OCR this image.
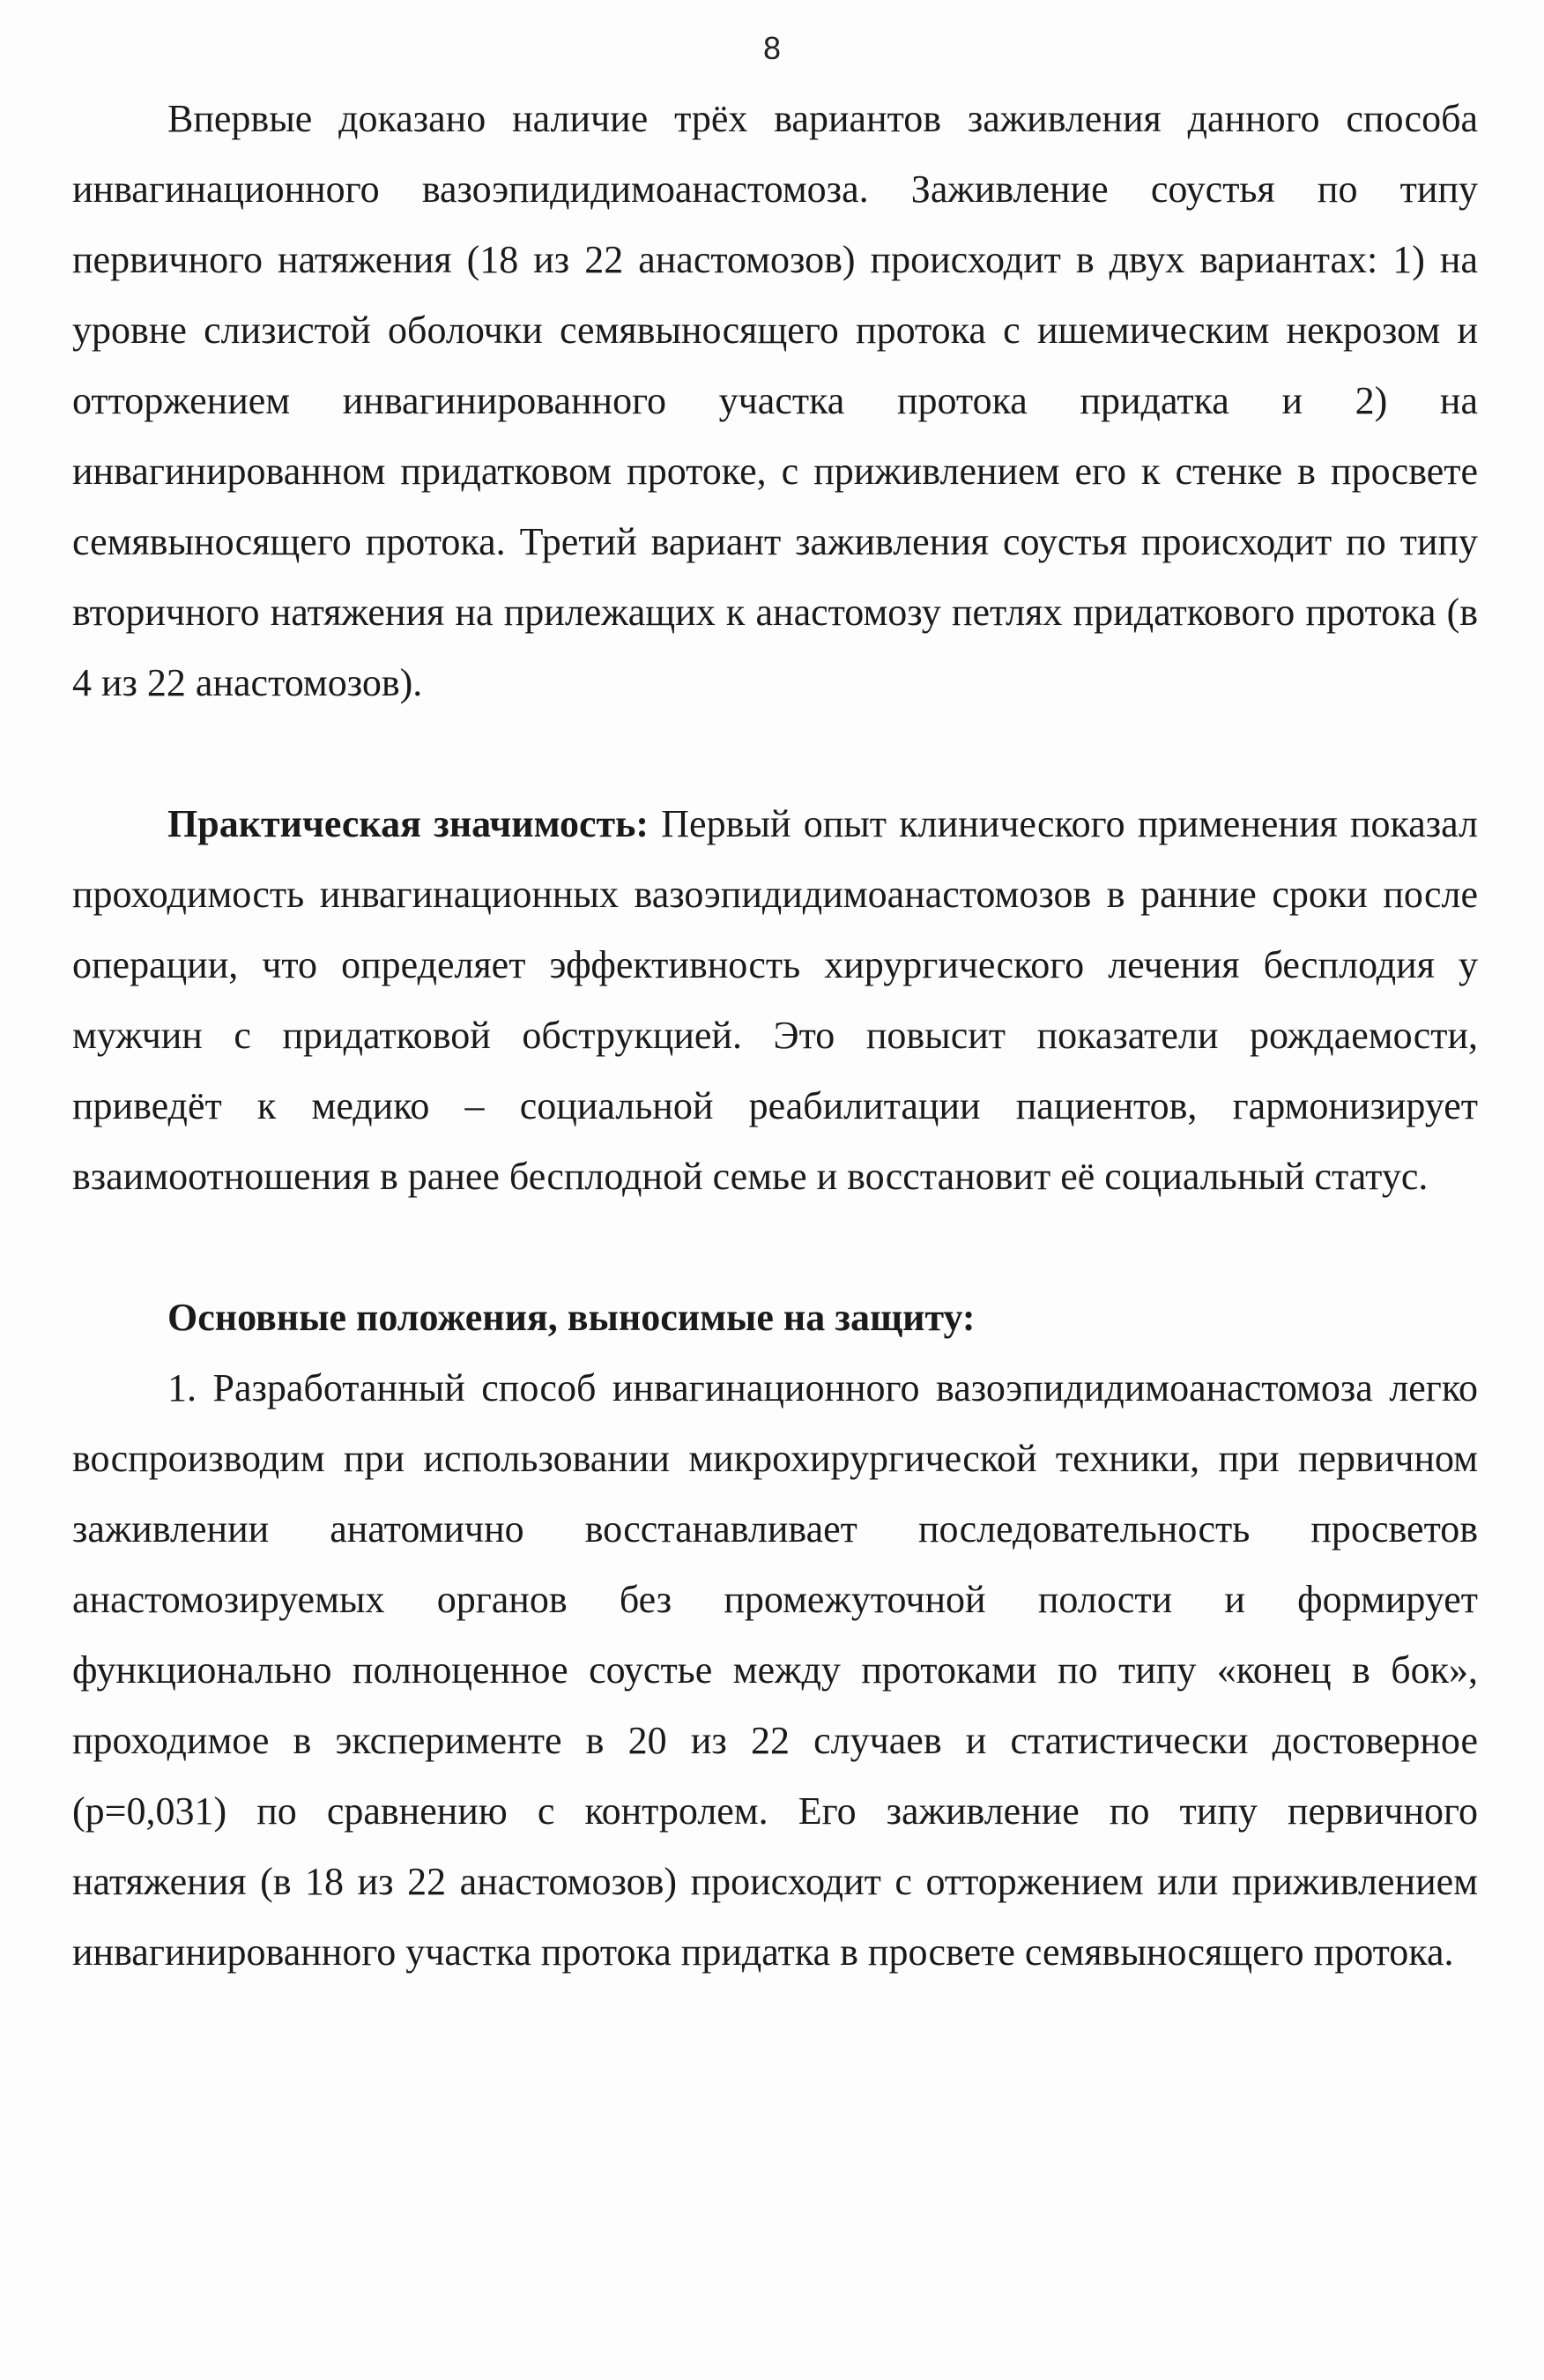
8

Впервые доказано наличие трёх вариантов заживления данного способа инвагинационного вазоэпидидимоанастомоза. Заживление соустья по типу первичного натяжения (18 из 22 анастомозов) происходит в двух вариантах: 1) на уровне слизистой оболочки семявыносящего протока с ишемическим некрозом и отторжением инвагинированного участка протока придатка и 2) на инвагинированном придатковом протоке, с приживлением его к стенке в просвете семявыносящего протока. Третий вариант заживления соустья происходит по типу вторичного натяжения на прилежащих к анастомозу петлях придаткового протока (в 4 из 22 анастомозов).

Практическая значимость: Первый опыт клинического применения показал проходимость инвагинационных вазоэпидидимоанастомозов в ранние сроки после операции, что определяет эффективность хирургического лечения бесплодия у мужчин с придатковой обструкцией. Это повысит показатели рождаемости, приведёт к медико – социальной реабилитации пациентов, гармонизирует взаимоотношения в ранее бесплодной семье и восстановит её социальный статус.

Основные положения, выносимые на защиту:

1. Разработанный способ инвагинационного вазоэпидидимоанастомоза легко воспроизводим при использовании микрохирургической техники, при первичном заживлении анатомично восстанавливает последовательность просветов анастомозируемых органов без промежуточной полости и формирует функционально полноценное соустье между протоками по типу «конец в бок», проходимое в эксперименте в 20 из 22 случаев и статистически достоверное (p=0,031) по сравнению с контролем. Его заживление по типу первичного натяжения (в 18 из 22 анастомозов) происходит с отторжением или приживлением инвагинированного участка протока придатка в просвете семявыносящего протока.
